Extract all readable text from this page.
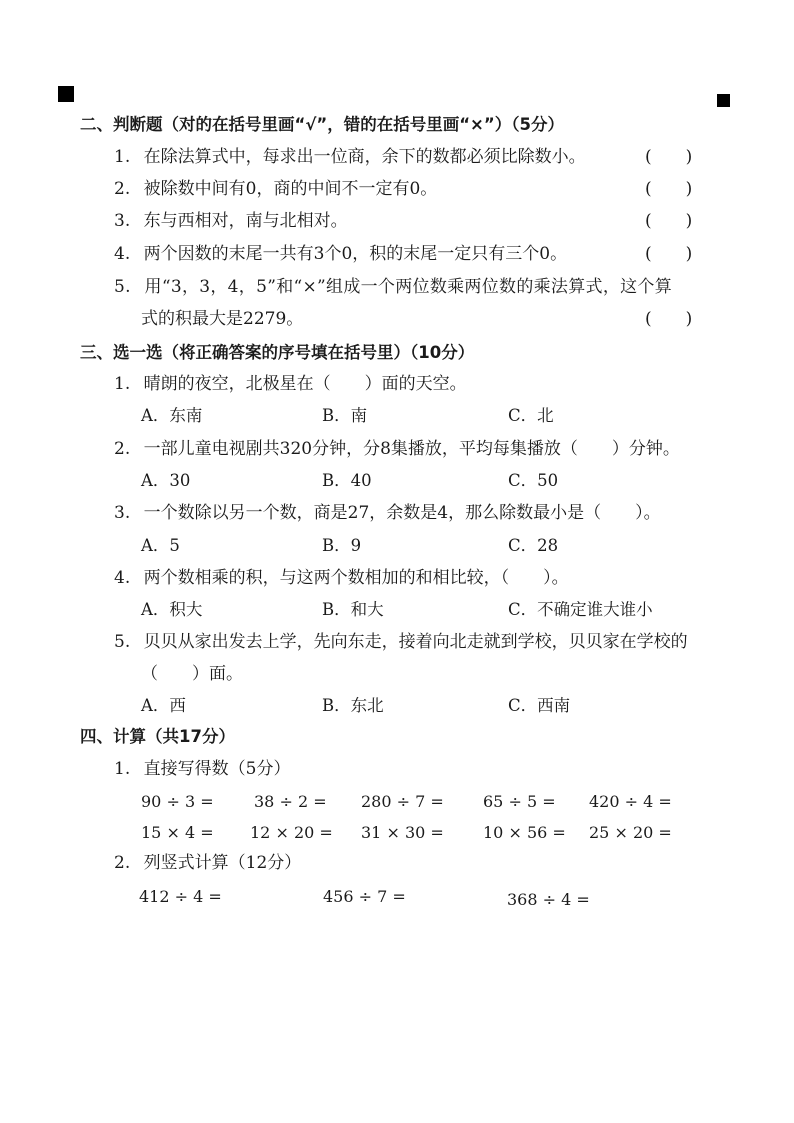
二、判断题（对的在括号里画“√”，错的在括号里画“×”）（5分）
1. 在除法算式中，每求出一位商，余下的数都必须比除数小。	(　　)
2. 被除数中间有0，商的中间不一定有0。	(　　)
3. 东与西相对，南与北相对。	(　　)
4. 两个因数的末尾一共有3个0，积的末尾一定只有三个0。	(　　)
5. 用“3，3，4，5”和“×”组成一个两位数乘两位数的乘法算式，这个算
式的积最大是2279。	(　　)
三、选一选（将正确答案的序号填在括号里）（10分）
1. 晴朗的夜空，北极星在（　　）面的天空。
A．东南	B．南	C．北
2. 一部儿童电视剧共320分钟，分8集播放，平均每集播放（　　）分钟。
A．30	B．40	C．50
3. 一个数除以另一个数，商是27，余数是4，那么除数最小是（　　）。
A．5	B．9	C．28
4. 两个数相乘的积，与这两个数相加的和相比较，（　　）。
A．积大	B．和大	C．不确定谁大谁小
5. 贝贝从家出发去上学，先向东走，接着向北走就到学校，贝贝家在学校的
（　　）面。
A．西	B．东北	C．西南
四、计算（共17分）
1. 直接写得数（5分）
90 ÷ 3 =	38 ÷ 2 = 280 ÷ 7 = 65 ÷ 5 = 420 ÷ 4 =
15 × 4 = 12 × 20 = 31 × 30 = 10 × 56 = 25 × 20 =
2. 列竖式计算（12分）
412 ÷ 4 =	456 ÷ 7 =	368 ÷ 4 =
